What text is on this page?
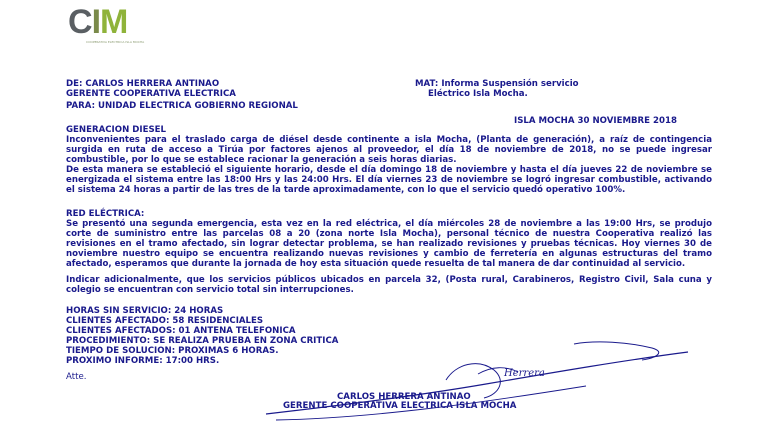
CIM
COOPERATIVA ELECTRICA ISLA MOCHA
DE: CARLOS HERRERA ANTINAO
GERENTE COOPERATIVA ELECTRICA
MAT: Informa Suspensión servicio
Eléctrico Isla Mocha.
PARA: UNIDAD ELECTRICA GOBIERNO REGIONAL
ISLA MOCHA 30 NOVIEMBRE 2018
GENERACION DIESEL
Inconvenientes para el traslado carga de diésel desde continente a isla Mocha, (Planta de generación), a raíz de contingencia surgida en ruta de acceso a Tirúa por factores ajenos al proveedor, el día 18 de noviembre de 2018, no se puede ingresar combustible, por lo que se establece racionar la generación a seis horas diarias.
De esta manera se estableció el siguiente horario, desde el día domingo 18 de noviembre y hasta el día jueves 22 de noviembre se energizada el sistema entre las 18:00 Hrs y las 24:00 Hrs. El día viernes 23 de noviembre se logró ingresar combustible, activando el sistema 24 horas a partir de las tres de la tarde aproximadamente, con lo que el servicio quedó operativo 100%.
RED ELÉCTRICA:
Se presentó una segunda emergencia, esta vez en la red eléctrica, el día miércoles 28 de noviembre a las 19:00 Hrs, se produjo corte de suministro entre las parcelas 08 a 20 (zona norte Isla Mocha), personal técnico de nuestra Cooperativa realizó las revisiones en el tramo afectado, sin lograr detectar problema, se han realizado revisiones y pruebas técnicas. Hoy viernes 30 de noviembre nuestro equipo se encuentra realizando nuevas revisiones y cambio de ferretería en algunas estructuras del tramo afectado, esperamos que durante la jornada de hoy esta situación quede resuelta de tal manera de dar continuidad al servicio.
Indicar adicionalmente, que los servicios públicos ubicados en parcela 32, (Posta rural, Carabineros, Registro Civil, Sala cuna y colegio se encuentran con servicio total sin interrupciones.
HORAS SIN SERVICIO: 24 HORAS
CLIENTES AFECTADO: 58 RESIDENCIALES
CLIENTES AFECTADOS: 01 ANTENA TELEFONICA
PROCEDIMIENTO: SE REALIZA PRUEBA EN ZONA CRITICA
TIEMPO DE SOLUCION: PROXIMAS 6 HORAS.
PROXIMO INFORME: 17:00 HRS.
Atte.	Herrera
CARLOS HERRERA ANTINAO
GERENTE COOPERATIVA ELECTRICA ISLA MOCHA
